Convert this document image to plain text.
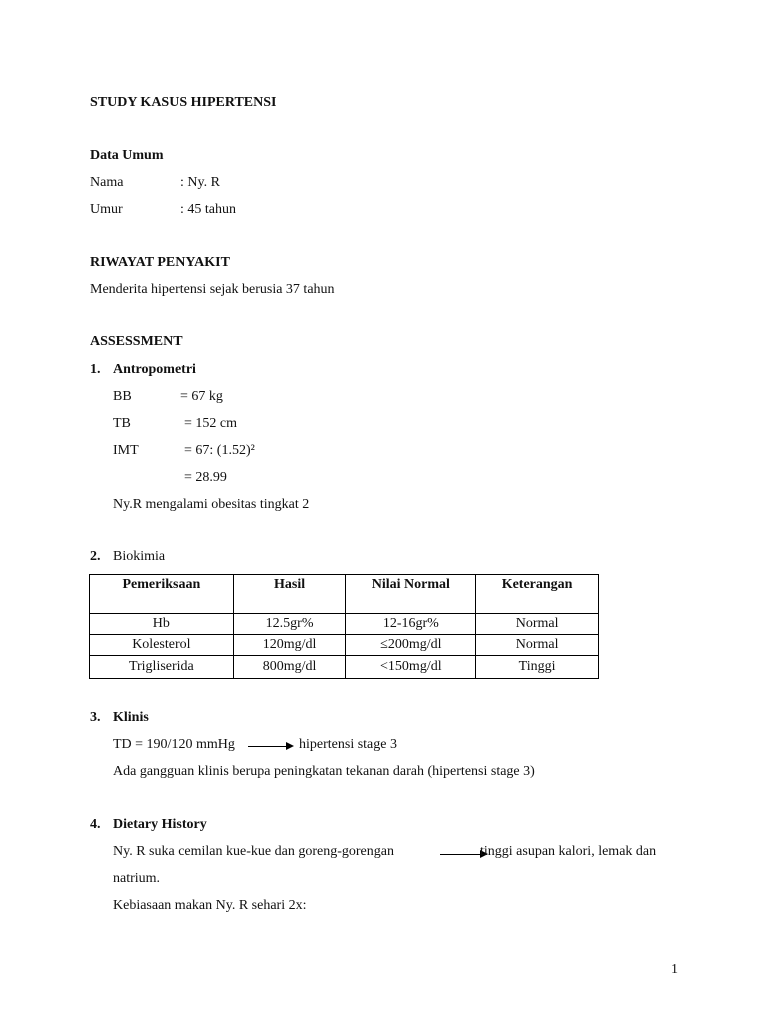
STUDY KASUS HIPERTENSI
Data Umum
Nama	: Ny. R
Umur	: 45 tahun
RIWAYAT PENYAKIT
Menderita hipertensi sejak berusia 37 tahun
ASSESSMENT
1. Antropometri
BB	= 67 kg
TB	= 152 cm
IMT	= 67: (1.52)²
= 28.99
Ny.R mengalami obesitas tingkat 2
2. Biokimia
Pemeriksaan	Hasil	Nilai Normal	Keterangan
Hb	12.5gr%	12-16gr%	Normal
Kolesterol	120mg/dl	≤200mg/dl	Normal
Trigliserida	800mg/dl	<150mg/dl	Tinggi
3. Klinis
TD = 190/120 mmHg	hipertensi stage 3
Ada gangguan klinis berupa peningkatan tekanan darah (hipertensi stage 3)
4. Dietary History
Ny. R suka cemilan kue-kue dan goreng-gorengan	tinggi asupan kalori, lemak dan
natrium.
Kebiasaan makan Ny. R sehari 2x:
1
